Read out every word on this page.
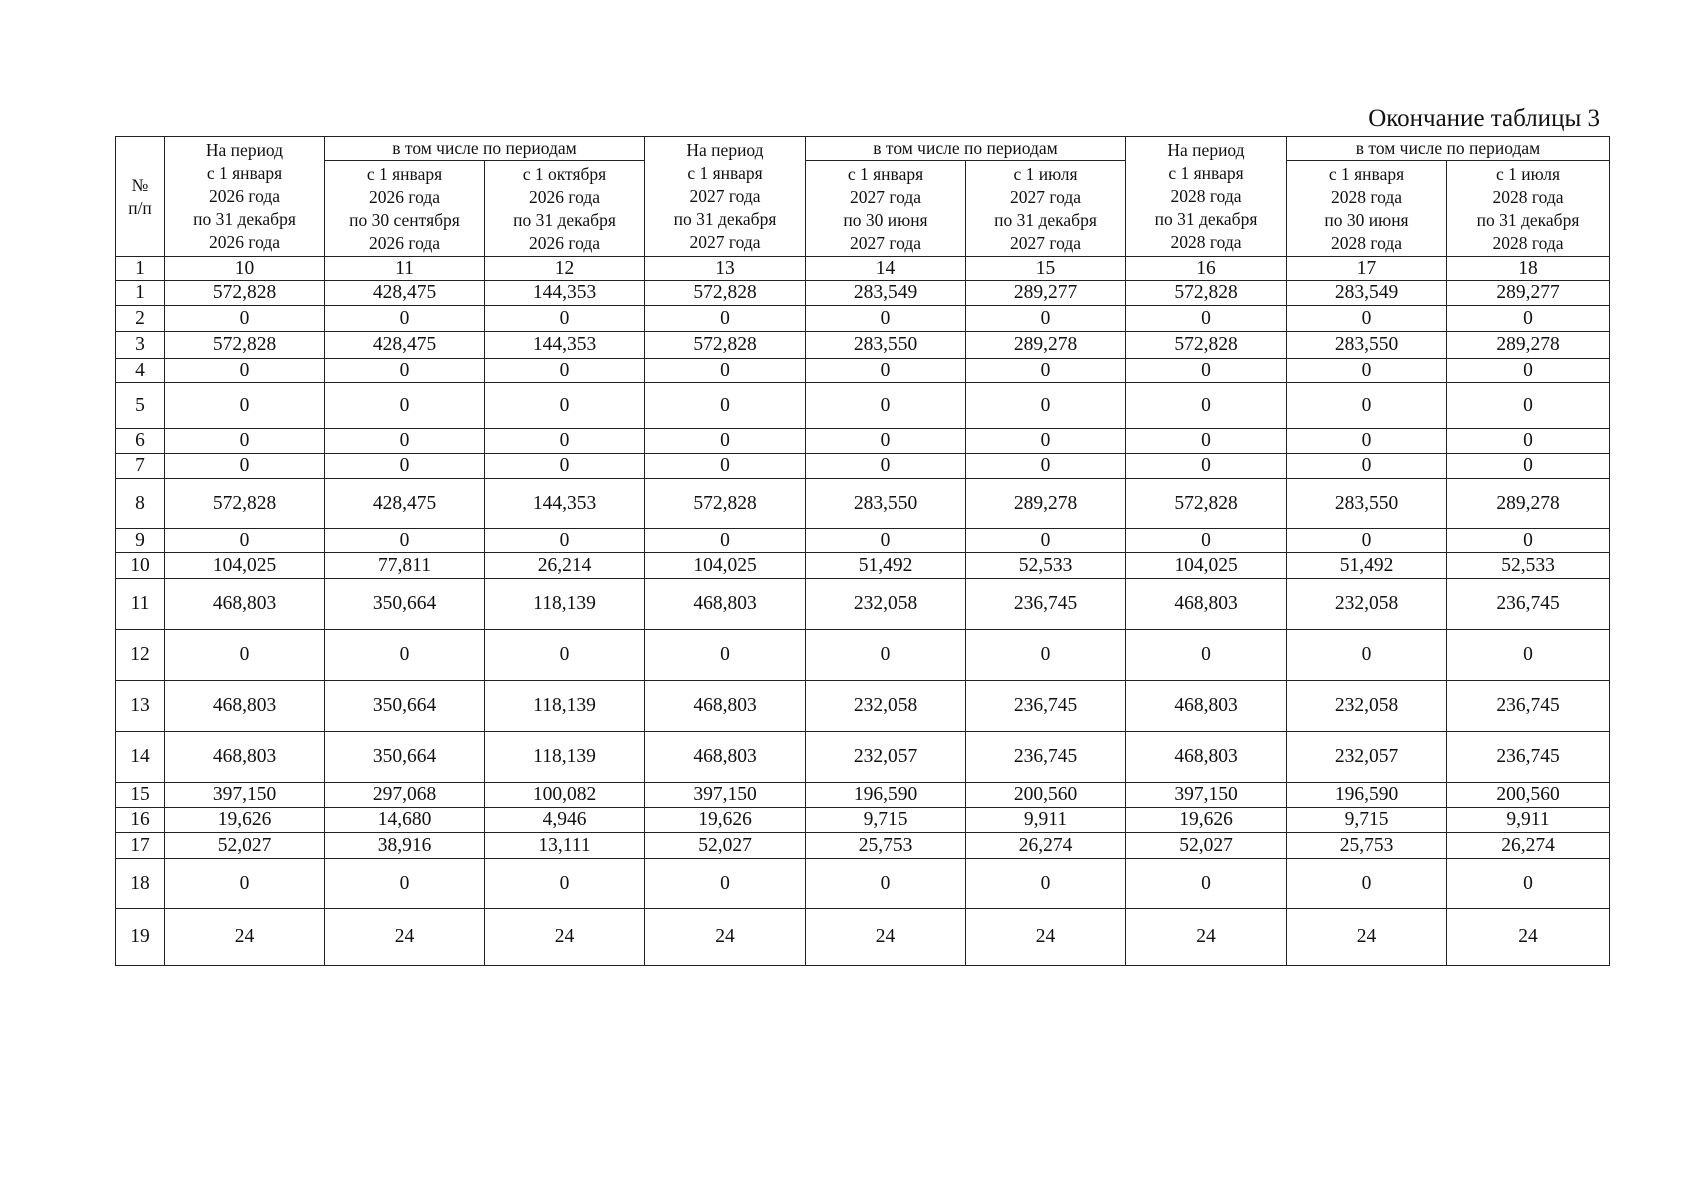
Окончание таблицы 3
№
п/п	На период
с 1 января
2026 года
по 31 декабря
2026 года	в том числе по периодам		На период
с 1 января
2027 года
по 31 декабря
2027 года	в том числе по периодам		На период
с 1 января
2028 года
по 31 декабря
2028 года	в том числе по периодам	
		с 1 января
2026 года
по 30 сентября
2026 года	с 1 октября
2026 года
по 31 декабря
2026 года		с 1 января
2027 года
по 30 июня
2027 года	с 1 июля
2027 года
по 31 декабря
2027 года		с 1 января
2028 года
по 30 июня
2028 года	с 1 июля
2028 года
по 31 декабря
2028 года
1	10	11	12	13	14	15	16	17	18
1	572,828	428,475	144,353	572,828	283,549	289,277	572,828	283,549	289,277
2	0	0	0	0	0	0	0	0	0
3	572,828	428,475	144,353	572,828	283,550	289,278	572,828	283,550	289,278
4	0	0	0	0	0	0	0	0	0
5	0	0	0	0	0	0	0	0	0
6	0	0	0	0	0	0	0	0	0
7	0	0	0	0	0	0	0	0	0
8	572,828	428,475	144,353	572,828	283,550	289,278	572,828	283,550	289,278
9	0	0	0	0	0	0	0	0	0
10	104,025	77,811	26,214	104,025	51,492	52,533	104,025	51,492	52,533
11	468,803	350,664	118,139	468,803	232,058	236,745	468,803	232,058	236,745
12	0	0	0	0	0	0	0	0	0
13	468,803	350,664	118,139	468,803	232,058	236,745	468,803	232,058	236,745
14	468,803	350,664	118,139	468,803	232,057	236,745	468,803	232,057	236,745
15	397,150	297,068	100,082	397,150	196,590	200,560	397,150	196,590	200,560
16	19,626	14,680	4,946	19,626	9,715	9,911	19,626	9,715	9,911
17	52,027	38,916	13,111	52,027	25,753	26,274	52,027	25,753	26,274
18	0	0	0	0	0	0	0	0	0
19	24	24	24	24	24	24	24	24	24
